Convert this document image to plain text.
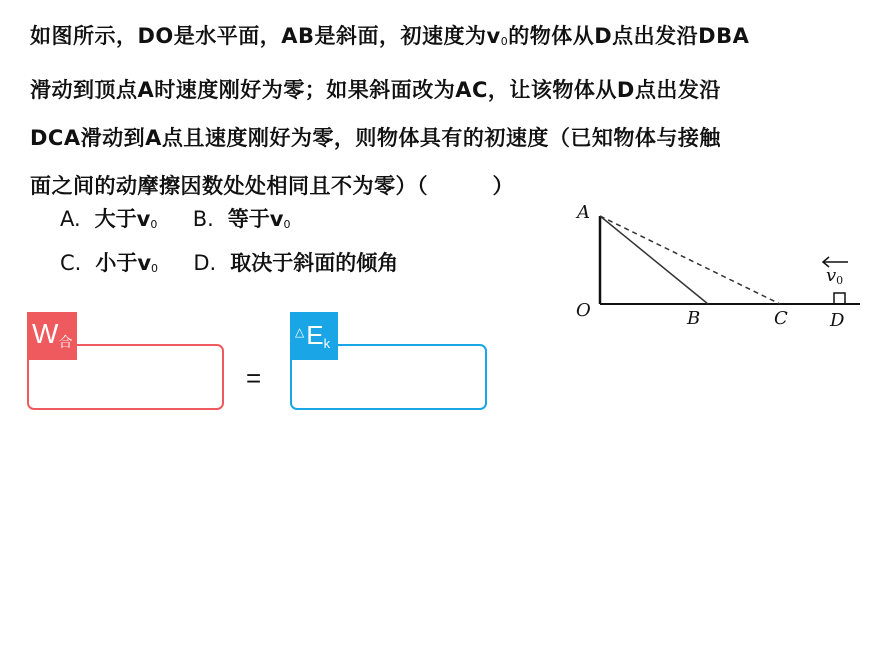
如图所示，DO是水平面，AB是斜面，初速度为$v_0$的物体从D点出发沿DBA
滑动到顶点A时速度刚好为零；如果斜面改为AC，让该物体从D点出发沿
DCA滑动到A点且速度刚好为零，则物体具有的初速度（已知物体与接触
面之间的动摩擦因数处处相同且不为零）（　　　）
A. 大于$v_0$ B. 等于$v_0$
C. 小于$v_0$ D. 取决于斜面的倾角
A
O	B	C D
v0
$W_合$
=
$^\triangle E_k$
